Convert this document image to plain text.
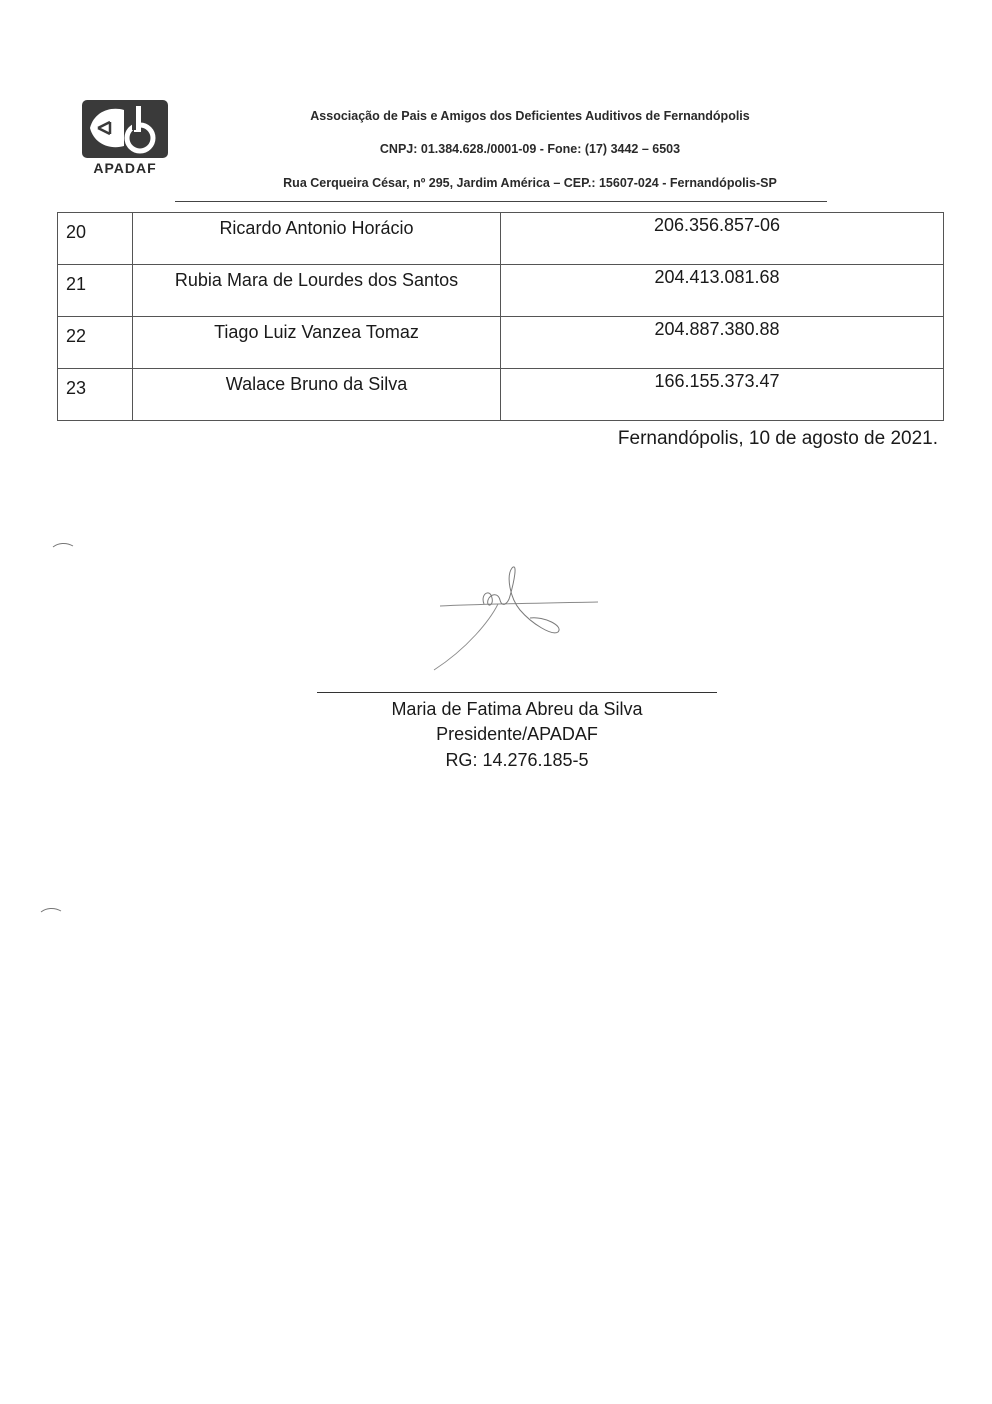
APADAF
Associação de Pais e Amigos dos Deficientes Auditivos de Fernandópolis
CNPJ: 01.384.628./0001-09 - Fone: (17) 3442 – 6503
Rua Cerqueira César, nº 295, Jardim América – CEP.: 15607-024 - Fernandópolis-SP
20	Ricardo Antonio Horácio	206.356.857-06
21	Rubia Mara de Lourdes dos Santos	204.413.081.68
22	Tiago Luiz Vanzea Tomaz	204.887.380.88
23	Walace Bruno da Silva	166.155.373.47
Fernandópolis, 10 de agosto de 2021.
Maria de Fatima Abreu da Silva
Presidente/APADAF
RG: 14.276.185-5
